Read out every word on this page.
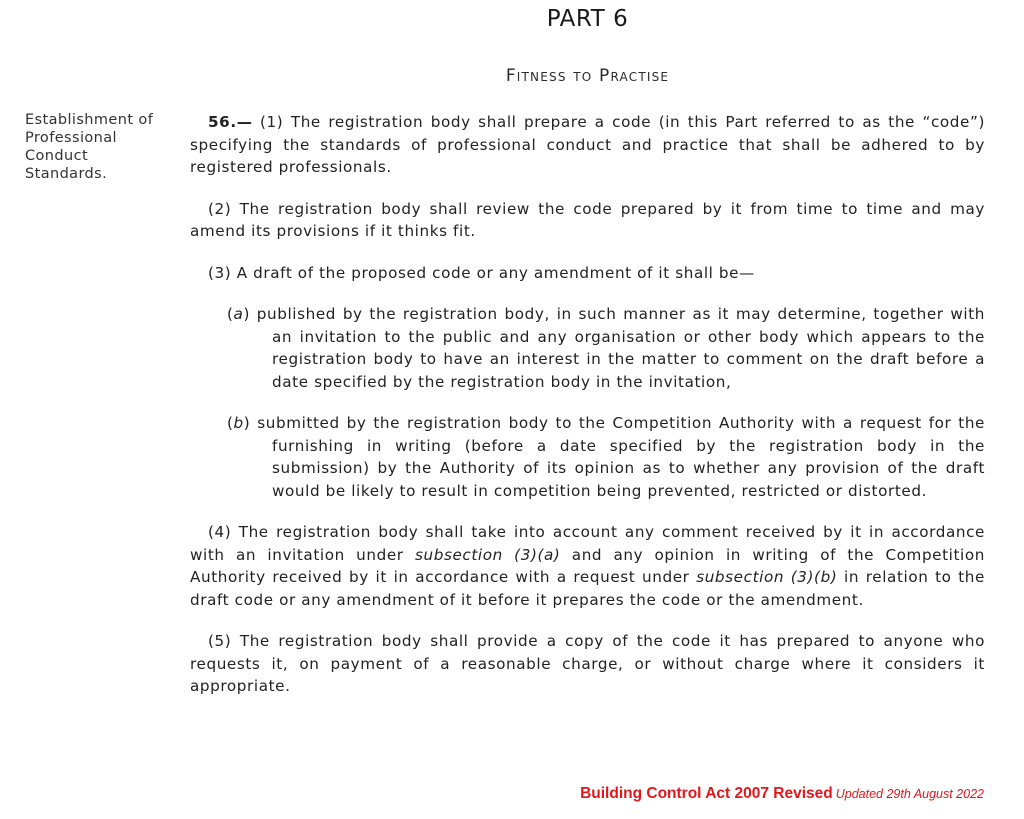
PART 6
Fitness to Practise
Establishment of
Professional
Conduct
Standards.

56.— (1) The registration body shall prepare a code (in this Part referred to as the “code”) specifying the standards of professional conduct and practice that shall be adhered to by registered professionals.

(2) The registration body shall review the code prepared by it from time to time and may amend its provisions if it thinks fit.

(3) A draft of the proposed code or any amendment of it shall be—

(a) published by the registration body, in such manner as it may determine, together with an invitation to the public and any organisation or other body which appears to the registration body to have an interest in the matter to comment on the draft before a date specified by the registration body in the invitation,

(b) submitted by the registration body to the Competition Authority with a request for the furnishing in writing (before a date specified by the registration body in the submission) by the Authority of its opinion as to whether any provision of the draft would be likely to result in competition being prevented, restricted or distorted.

(4) The registration body shall take into account any comment received by it in accordance with an invitation under subsection (3)(a) and any opinion in writing of the Competition Authority received by it in accordance with a request under subsection (3)(b) in relation to the draft code or any amendment of it before it prepares the code or the amendment.

(5) The registration body shall provide a copy of the code it has prepared to anyone who requests it, on payment of a reasonable charge, or without charge where it considers it appropriate.

Building Control Act 2007 Revised Updated 29th August 2022
